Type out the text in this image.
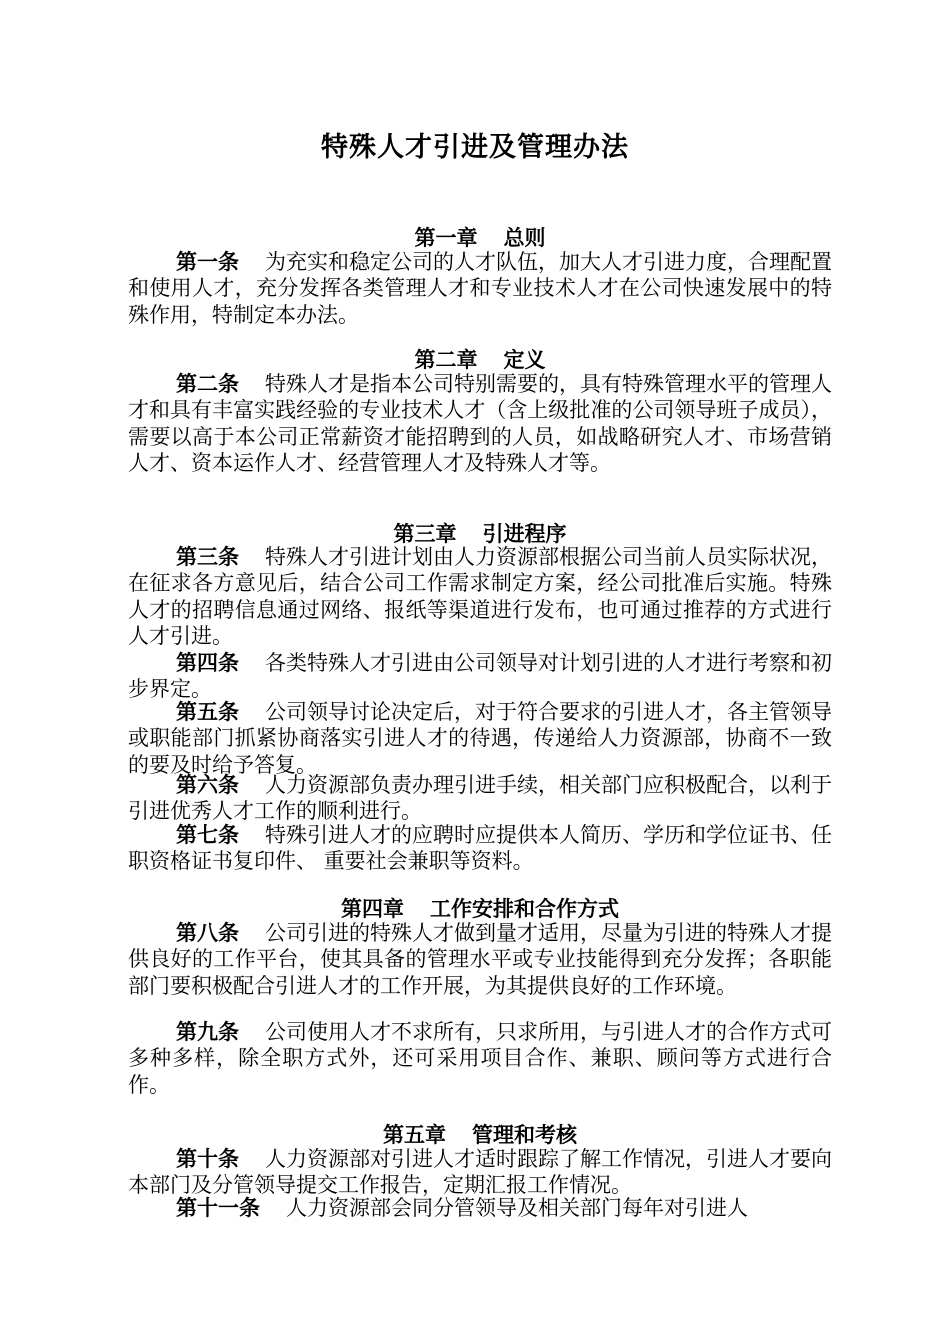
特殊人才引进及管理办法
第一章 总则
第一条 为充实和稳定公司的人才队伍，加大人才引进力度，合理配置和使用人才，充分发挥各类管理人才和专业技术人才在公司快速发展中的特殊作用，特制定本办法。
第二章 定义
第二条 特殊人才是指本公司特别需要的，具有特殊管理水平的管理人才和具有丰富实践经验的专业技术人才（含上级批准的公司领导班子成员），需要以高于本公司正常薪资才能招聘到的人员，如战略研究人才、市场营销人才、资本运作人才、经营管理人才及特殊人才等。
第三章 引进程序
第三条 特殊人才引进计划由人力资源部根据公司当前人员实际状况，在征求各方意见后，结合公司工作需求制定方案，经公司批准后实施。特殊人才的招聘信息通过网络、报纸等渠道进行发布，也可通过推荐的方式进行人才引进。
第四条 各类特殊人才引进由公司领导对计划引进的人才进行考察和初步界定。
第五条 公司领导讨论决定后，对于符合要求的引进人才，各主管领导或职能部门抓紧协商落实引进人才的待遇，传递给人力资源部，协商不一致的要及时给予答复。
第六条 人力资源部负责办理引进手续，相关部门应积极配合，以利于引进优秀人才工作的顺利进行。
第七条 特殊引进人才的应聘时应提供本人简历、学历和学位证书、任职资格证书复印件、 重要社会兼职等资料。
第四章 工作安排和合作方式
第八条 公司引进的特殊人才做到量才适用，尽量为引进的特殊人才提供良好的工作平台，使其具备的管理水平或专业技能得到充分发挥；各职能部门要积极配合引进人才的工作开展，为其提供良好的工作环境。
第九条 公司使用人才不求所有，只求所用，与引进人才的合作方式可多种多样，除全职方式外，还可采用项目合作、兼职、顾问等方式进行合作。
第五章 管理和考核
第十条 人力资源部对引进人才适时跟踪了解工作情况，引进人才要向本部门及分管领导提交工作报告，定期汇报工作情况。
第十一条 人力资源部会同分管领导及相关部门每年对引进人
